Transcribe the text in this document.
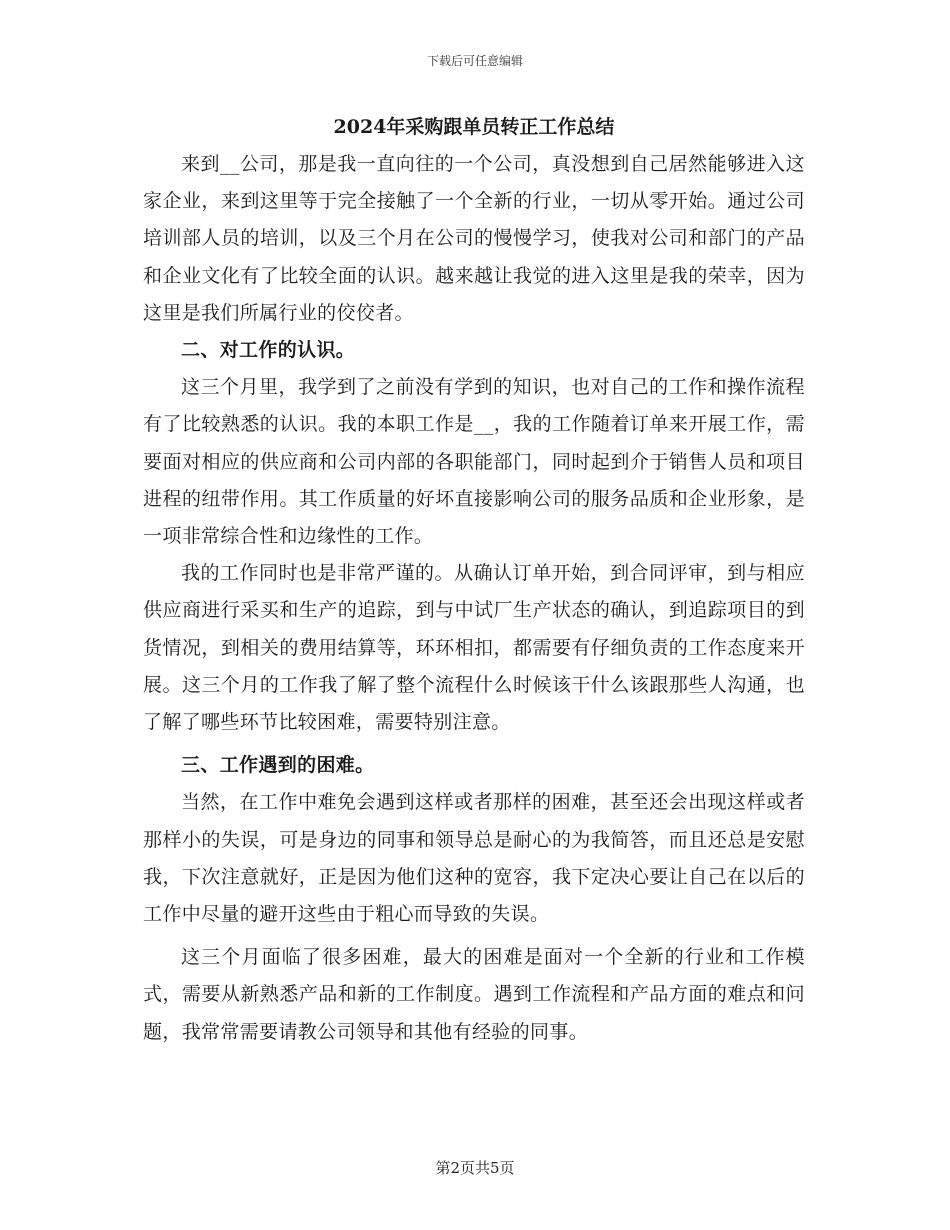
下载后可任意编辑
2024年采购跟单员转正工作总结

来到__公司，那是我一直向往的一个公司，真没想到自己居然能够进入这家企业，来到这里等于完全接触了一个全新的行业，一切从零开始。通过公司培训部人员的培训，以及三个月在公司的慢慢学习，使我对公司和部门的产品和企业文化有了比较全面的认识。越来越让我觉的进入这里是我的荣幸，因为这里是我们所属行业的佼佼者。

二、对工作的认识。

这三个月里，我学到了之前没有学到的知识，也对自己的工作和操作流程有了比较熟悉的认识。我的本职工作是__，我的工作随着订单来开展工作，需要面对相应的供应商和公司内部的各职能部门，同时起到介于销售人员和项目进程的纽带作用。其工作质量的好坏直接影响公司的服务品质和企业形象，是一项非常综合性和边缘性的工作。

我的工作同时也是非常严谨的。从确认订单开始，到合同评审，到与相应供应商进行采买和生产的追踪，到与中试厂生产状态的确认，到追踪项目的到货情况，到相关的费用结算等，环环相扣，都需要有仔细负责的工作态度来开展。这三个月的工作我了解了整个流程什么时候该干什么该跟那些人沟通，也了解了哪些环节比较困难，需要特别注意。

三、工作遇到的困难。

当然，在工作中难免会遇到这样或者那样的困难，甚至还会出现这样或者那样小的失误，可是身边的同事和领导总是耐心的为我简答，而且还总是安慰我，下次注意就好，正是因为他们这种的宽容，我下定决心要让自己在以后的工作中尽量的避开这些由于粗心而导致的失误。

这三个月面临了很多困难，最大的困难是面对一个全新的行业和工作模式，需要从新熟悉产品和新的工作制度。遇到工作流程和产品方面的难点和问题，我常常需要请教公司领导和其他有经验的同事。

第2页共5页
